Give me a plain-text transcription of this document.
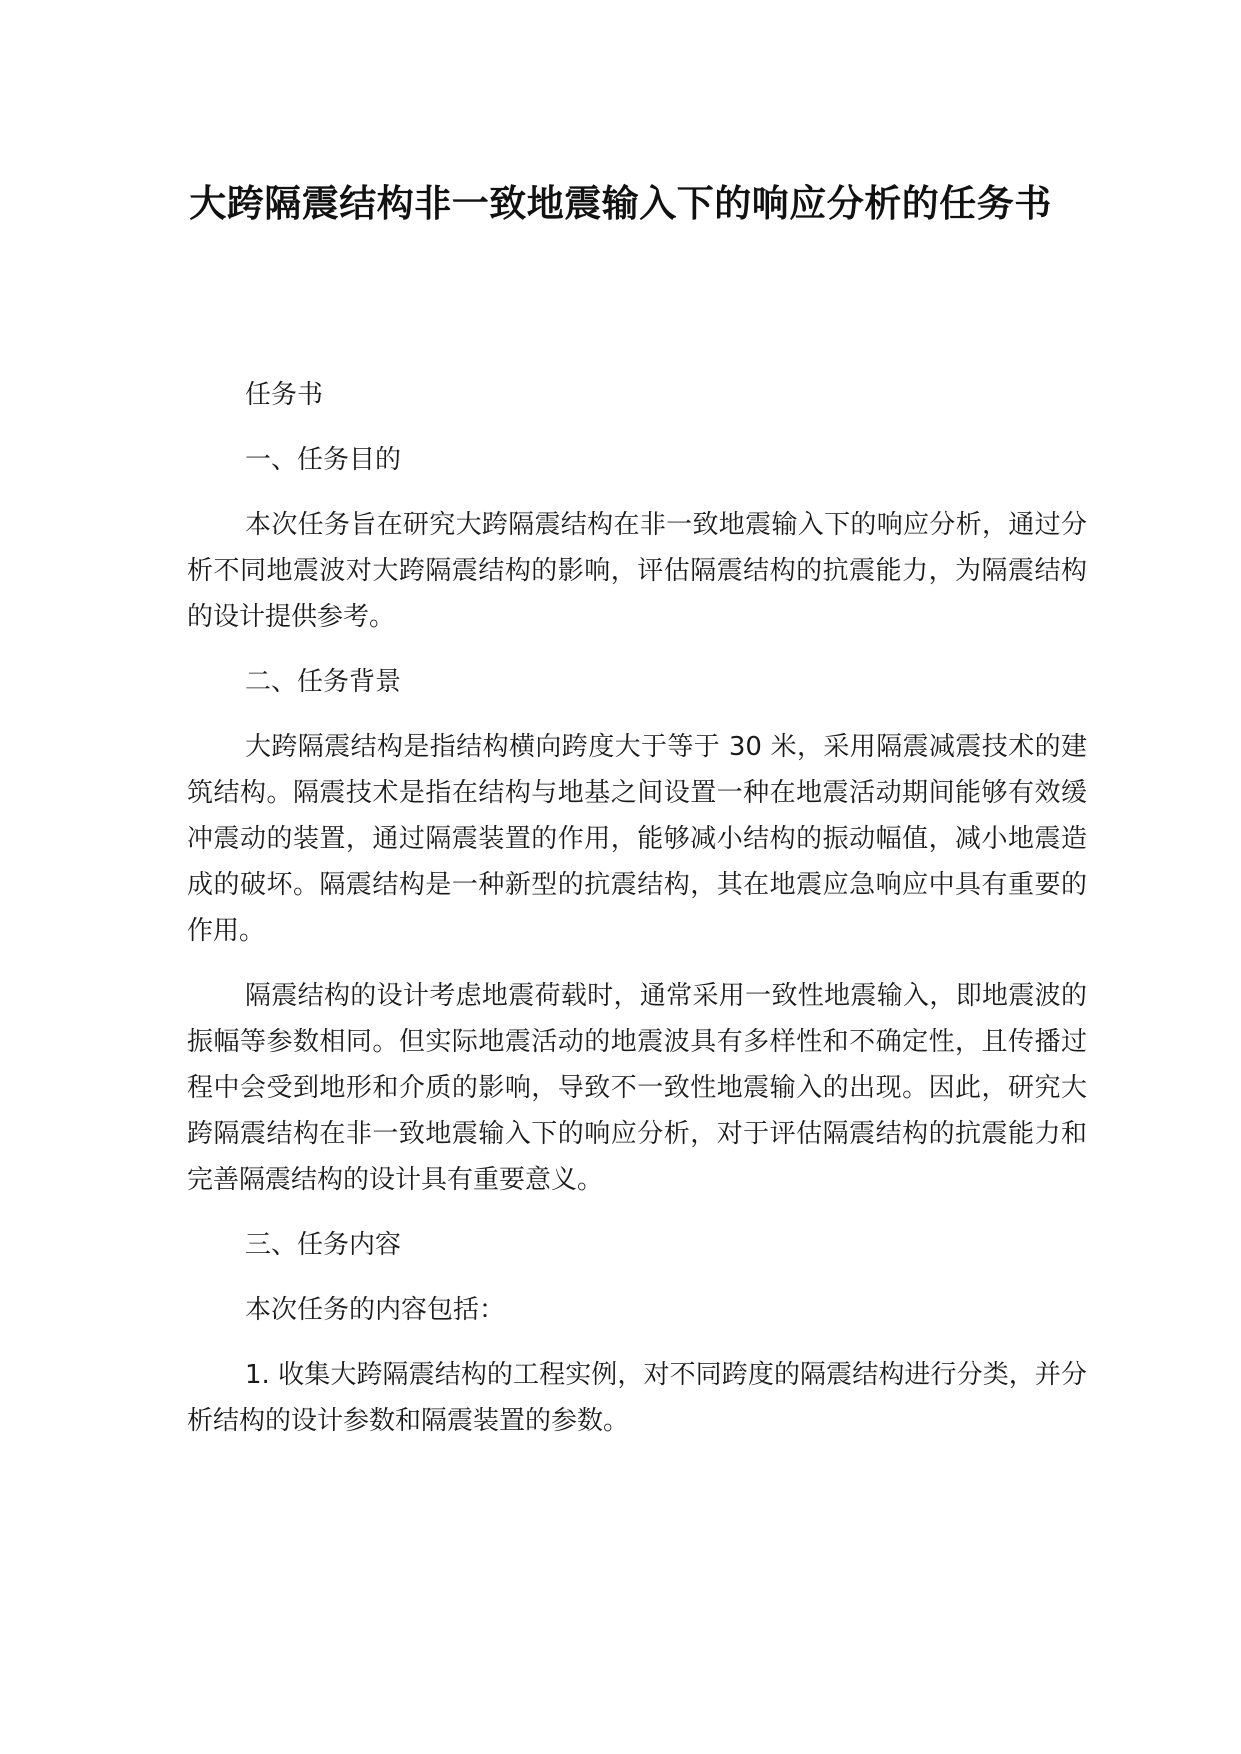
大跨隔震结构非一致地震输入下的响应分析的任务书

任务书

一、任务目的

本次任务旨在研究大跨隔震结构在非一致地震输入下的响应分析，通过分析不同地震波对大跨隔震结构的影响，评估隔震结构的抗震能力，为隔震结构的设计提供参考。

二、任务背景

大跨隔震结构是指结构横向跨度大于等于 30 米，采用隔震减震技术的建筑结构。隔震技术是指在结构与地基之间设置一种在地震活动期间能够有效缓冲震动的装置，通过隔震装置的作用，能够减小结构的振动幅值，减小地震造成的破坏。隔震结构是一种新型的抗震结构，其在地震应急响应中具有重要的作用。

隔震结构的设计考虑地震荷载时，通常采用一致性地震输入，即地震波的振幅等参数相同。但实际地震活动的地震波具有多样性和不确定性，且传播过程中会受到地形和介质的影响，导致不一致性地震输入的出现。因此，研究大跨隔震结构在非一致地震输入下的响应分析，对于评估隔震结构的抗震能力和完善隔震结构的设计具有重要意义。

三、任务内容

本次任务的内容包括：

1. 收集大跨隔震结构的工程实例，对不同跨度的隔震结构进行分类，并分析结构的设计参数和隔震装置的参数。
